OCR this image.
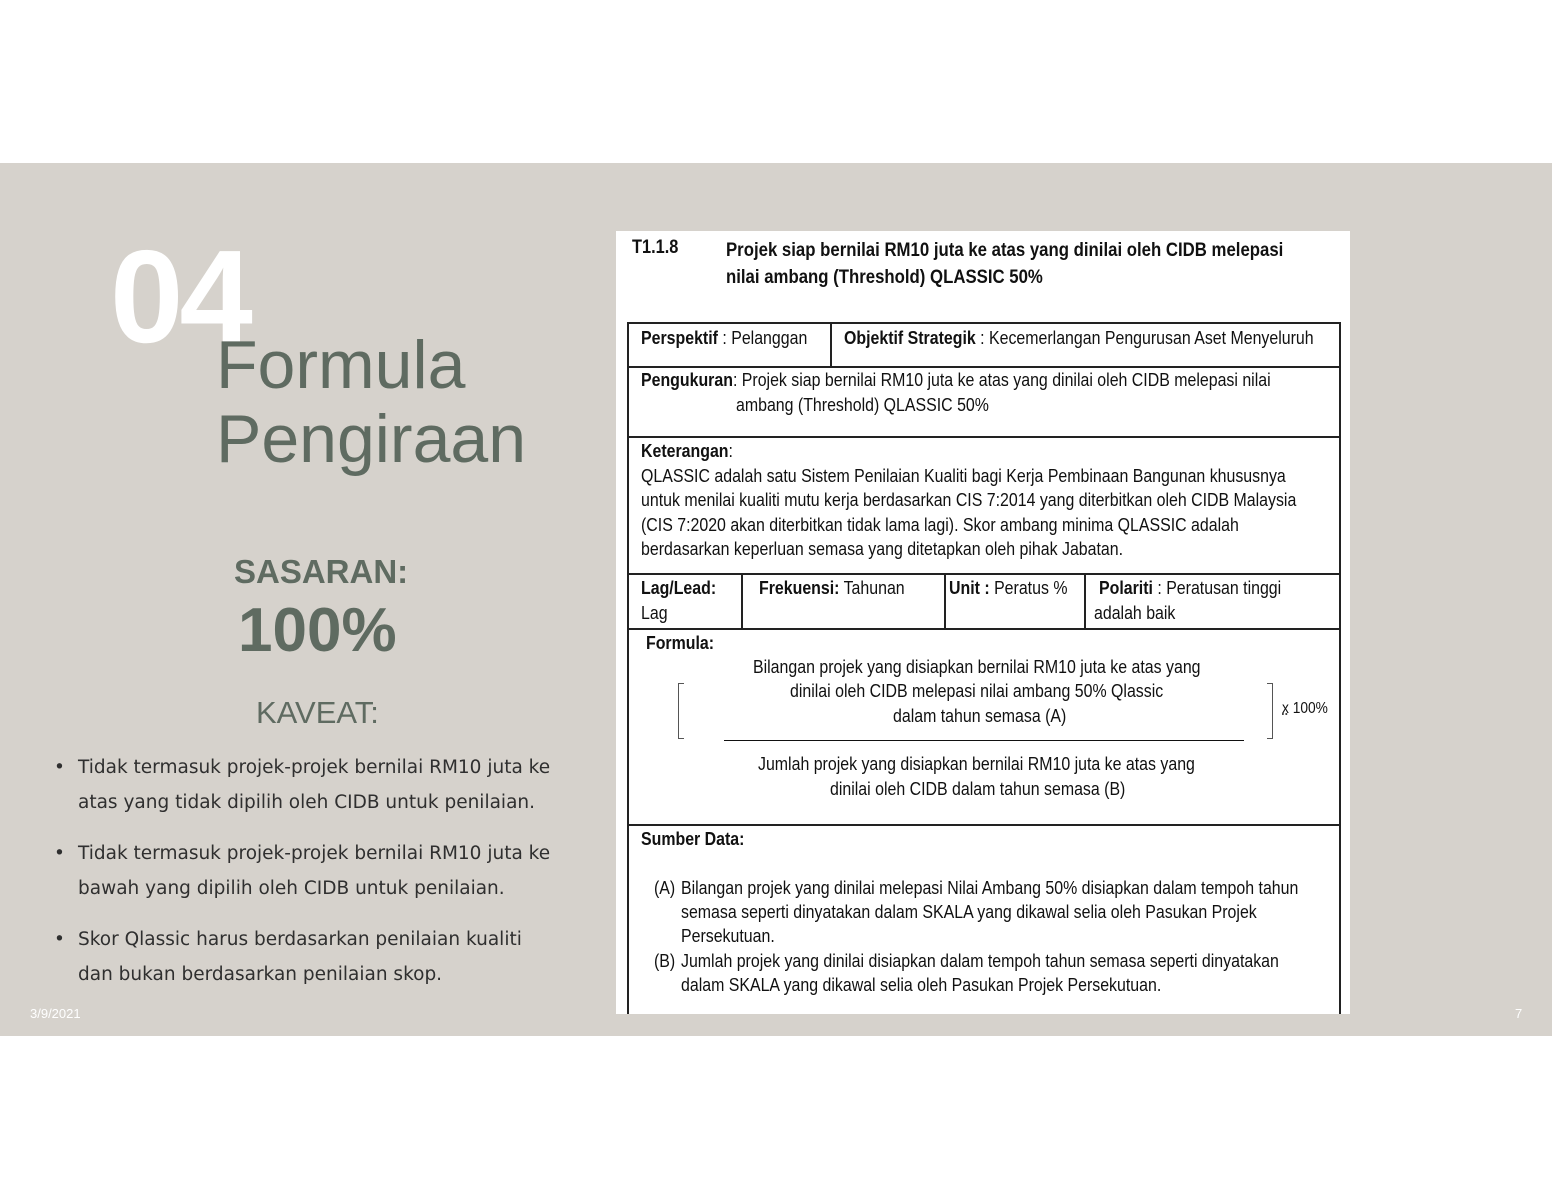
04
Formula
Pengiraan
SASARAN:
100%
KAVEAT:
• Tidak termasuk projek-projek bernilai RM10 juta ke
atas yang tidak dipilih oleh CIDB untuk penilaian.
• Tidak termasuk projek-projek bernilai RM10 juta ke
bawah yang dipilih oleh CIDB untuk penilaian.
• Skor Qlassic harus berdasarkan penilaian kualiti
dan bukan berdasarkan penilaian skop.
3/9/2021	7
T1.1.8 Projek siap bernilai RM10 juta ke atas yang dinilai oleh CIDB melepasi
nilai ambang (Threshold) QLASSIC 50%
Perspektif : Pelanggan Objektif Strategik : Kecemerlangan Pengurusan Aset Menyeluruh
Pengukuran: Projek siap bernilai RM10 juta ke atas yang dinilai oleh CIDB melepasi nilai
ambang (Threshold) QLASSIC 50%
Keterangan:
QLASSIC adalah satu Sistem Penilaian Kualiti bagi Kerja Pembinaan Bangunan khususnya
untuk menilai kualiti mutu kerja berdasarkan CIS 7:2014 yang diterbitkan oleh CIDB Malaysia
(CIS 7:2020 akan diterbitkan tidak lama lagi). Skor ambang minima QLASSIC adalah
berdasarkan keperluan semasa yang ditetapkan oleh pihak Jabatan.
Lag/Lead:
Lag
Frekuensi: Tahunan Unit : Peratus % Polariti : Peratusan tinggi
adalah baik
Formula:
Bilangan projek yang disiapkan bernilai RM10 juta ke atas yang
dinilai oleh CIDB melepasi nilai ambang 50% Qlassic
dalam tahun semasa (A)	x 100%
Jumlah projek yang disiapkan bernilai RM10 juta ke atas yang
dinilai oleh CIDB dalam tahun semasa (B)
Sumber Data:
(A) Bilangan projek yang dinilai melepasi Nilai Ambang 50% disiapkan dalam tempoh tahun
semasa seperti dinyatakan dalam SKALA yang dikawal selia oleh Pasukan Projek
Persekutuan.
(B) Jumlah projek yang dinilai disiapkan dalam tempoh tahun semasa seperti dinyatakan
dalam SKALA yang dikawal selia oleh Pasukan Projek Persekutuan.
